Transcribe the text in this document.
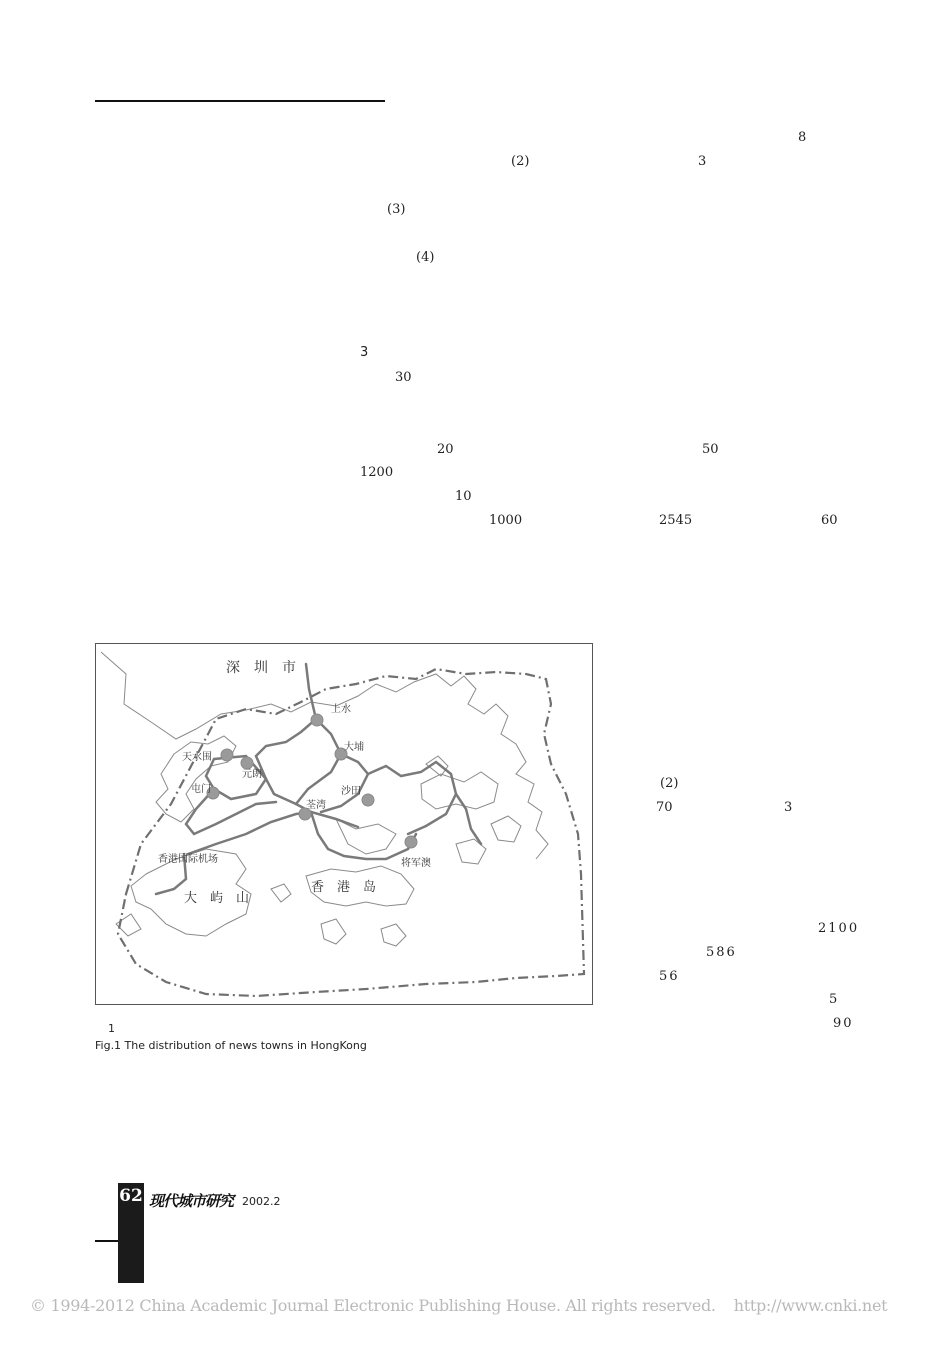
8
(2)	3
(3)
(4)
3
30
20	50
1200
10
1000	2545	60
(2)
70	3
2100
586
56
5
90
深　圳　市
上水
天水围
大埔
元朗
屯门	沙田
荃湾
香港国际机场	将军澳
大　屿　山
香　港　岛
1
Fig.1 The distribution of news towns in HongKong
62 现代城市研究 2002.2
© 1994-2012 China Academic Journal Electronic Publishing House. All rights reserved. http://www.cnki.net
